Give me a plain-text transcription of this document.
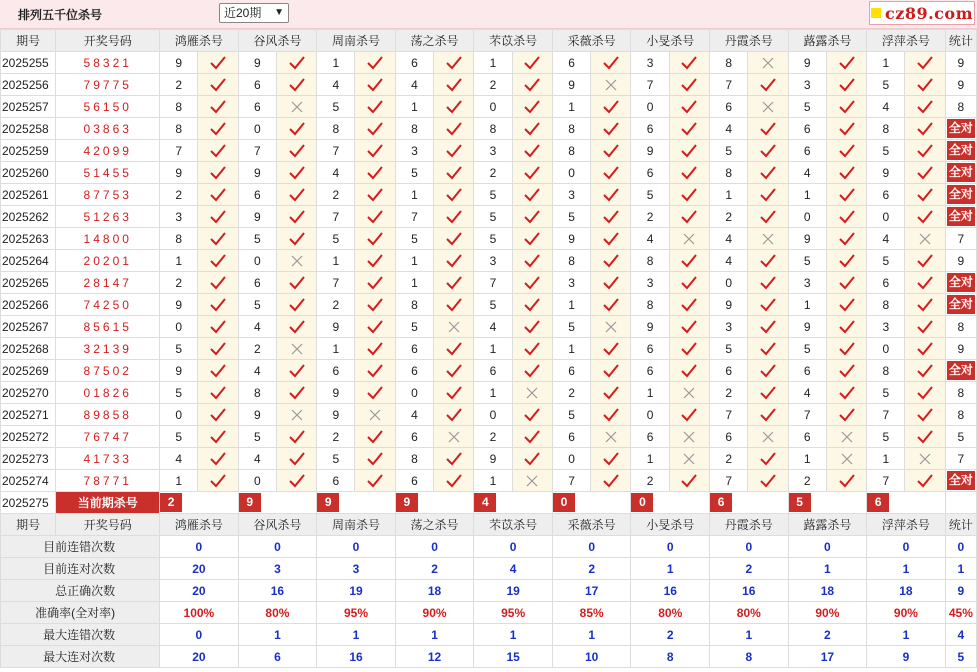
排列五千位杀号	近20期 ▼	cz89.com
期号	开奖号码	鸿雁杀号		谷风杀号		周南杀号		荡之杀号		芣苡杀号		采薇杀号		小旻杀号		丹霞杀号		蕗露杀号		浮萍杀号		统计
2025255	58321	9		9		1		6		1		6		3		8		9		1		9
2025256	79775	2		6		4		4		2		9		7		7		3		5		9
2025257	56150	8		6		5		1		0		1		0		6		5		4		8
2025258	03863	8		0		8		8		8		8		6		4		6		8		全对
2025259	42099	7		7		7		3		3		8		9		5		6		5		全对
2025260	51455	9		9		4		5		2		0		6		8		4		9		全对
2025261	87753	2		6		2		1		5		3		5		1		1		6		全对
2025262	51263	3		9		7		7		5		5		2		2		0		0		全对
2025263	14800	8		5		5		5		5		9		4		4		9		4		7
2025264	20201	1		0		1		1		3		8		8		4		5		5		9
2025265	28147	2		6		7		1		7		3		3		0		3		6		全对
2025266	74250	9		5		2		8		5		1		8		9		1		8		全对
2025267	85615	0		4		9		5		4		5		9		3		9		3		8
2025268	32139	5		2		1		6		1		1		6		5		5		0		9
2025269	87502	9		4		6		6		6		6		6		6		6		8		全对
2025270	01826	5		8		9		0		1		2		1		2		4		5		8
2025271	89858	0		9		9		4		0		5		0		7		7		7		8
2025272	76747	5		5		2		6		2		6		6		6		6		5		5
2025273	41733	4		4		5		8		9		0		1		2		1		1		7
2025274	78771	1		0		6		6		1		7		2		7		2		7		全对
2025275	当前期杀号	2		9		9		9		4		0		0		6		5		6		
期号	开奖号码	鸿雁杀号		谷风杀号		周南杀号		荡之杀号		芣苡杀号		采薇杀号		小旻杀号		丹霞杀号		蕗露杀号		浮萍杀号		统计
目前连错次数		0		0		0		0		0		0		0		0		0		0		0
目前连对次数		20		3		3		2		4		2		1		2		1		1		1
总正确次数		20		16		19		18		19		17		16		16		18		18		9
准确率(全对率)		100%		80%		95%		90%		95%		85%		80%		80%		90%		90%		45%
最大连错次数		0		1		1		1		1		1		2		1		2		1		4
最大连对次数		20		6		16		12		15		10		8		8		17		9		5
